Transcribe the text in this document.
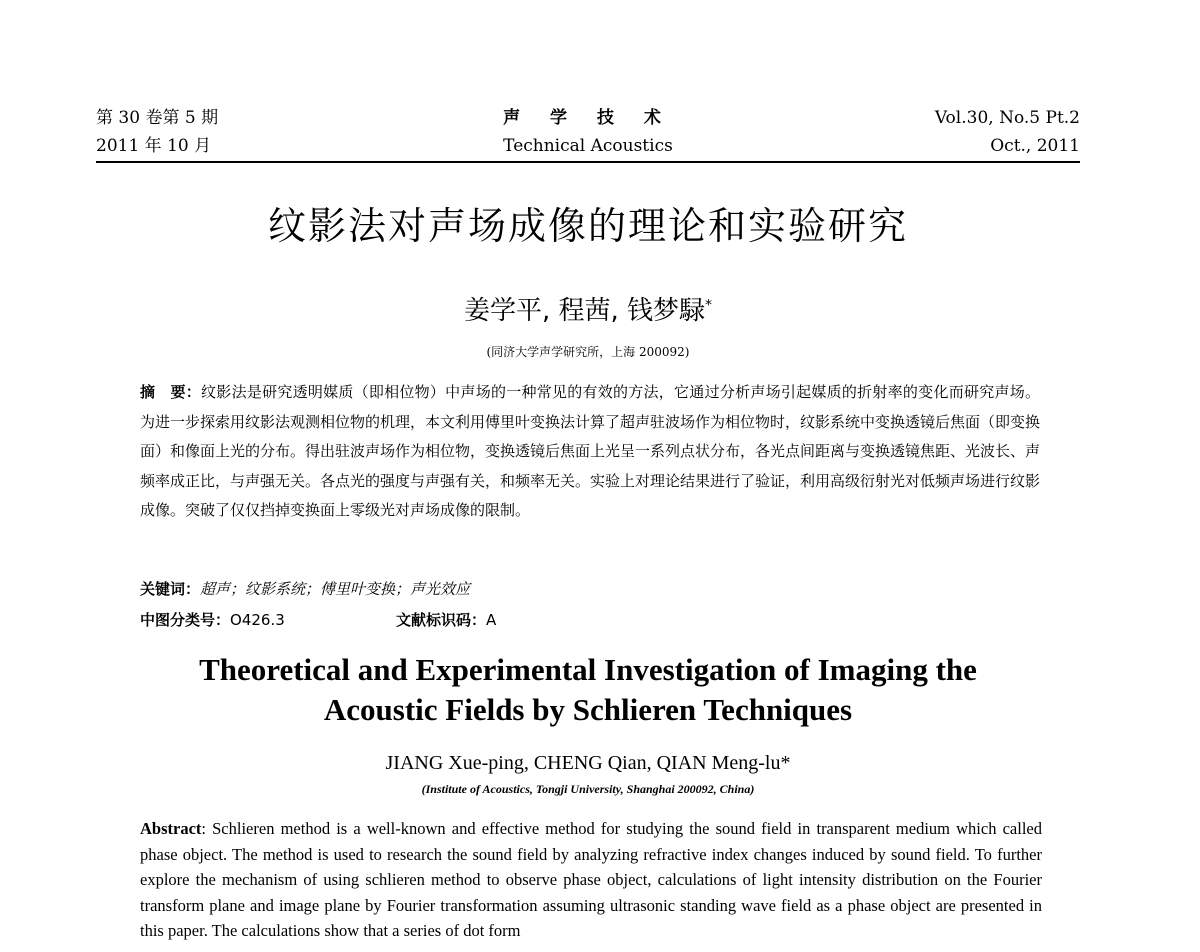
第 30 卷第 5 期
2011 年 10 月
声 学 技 术
Technical Acoustics
Vol.30, No.5 Pt.2
Oct., 2011
纹影法对声场成像的理论和实验研究
姜学平, 程茜, 钱梦騄*
(同济大学声学研究所，上海 200092)
摘　要：纹影法是研究透明媒质（即相位物）中声场的一种常见的有效的方法，它通过分析声场引起媒质的折射率的变化而研究声场。为进一步探索用纹影法观测相位物的机理，本文利用傅里叶变换法计算了超声驻波场作为相位物时，纹影系统中变换透镜后焦面（即变换面）和像面上光的分布。得出驻波声场作为相位物，变换透镜后焦面上光呈一系列点状分布，各光点间距离与变换透镜焦距、光波长、声频率成正比，与声强无关。各点光的强度与声强有关，和频率无关。实验上对理论结果进行了验证，利用高级衍射光对低频声场进行纹影成像。突破了仅仅挡掉变换面上零级光对声场成像的限制。
关键词：超声；纹影系统；傅里叶变换；声光效应
中图分类号：O426.3	文献标识码：A
Theoretical and Experimental Investigation of Imaging the
Acoustic Fields by Schlieren Techniques
JIANG Xue-ping, CHENG Qian, QIAN Meng-lu*
(Institute of Acoustics, Tongji University, Shanghai 200092, China)
Abstract: Schlieren method is a well-known and effective method for studying the sound field in transparent medium which called phase object. The method is used to research the sound field by analyzing refractive index changes induced by sound field. To further explore the mechanism of using schlieren method to observe phase object, calculations of light intensity distribution on the Fourier transform plane and image plane by Fourier transformation assuming ultrasonic standing wave field as a phase object are presented in this paper. The calculations show that a series of dot form
